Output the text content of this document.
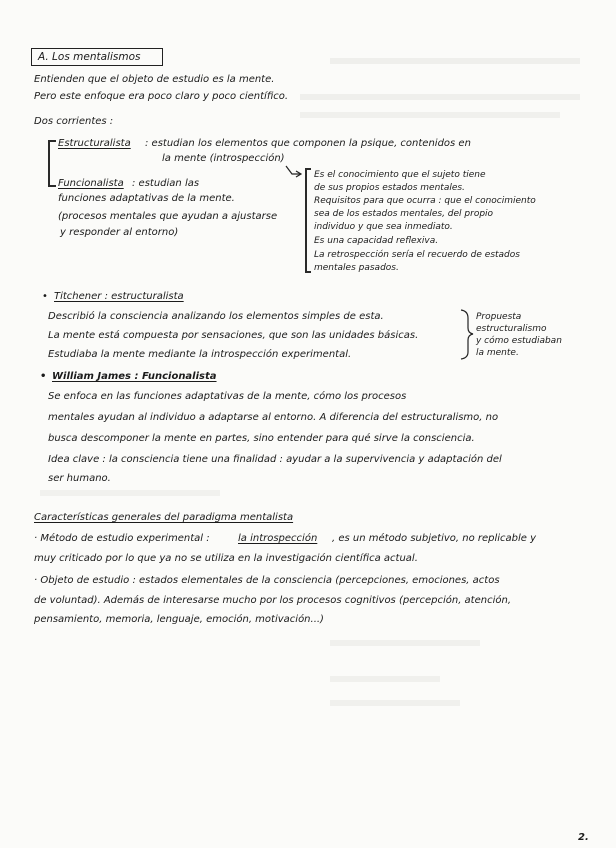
A. Los mentalismos
Entienden que el objeto de estudio es la mente.
Pero este enfoque era poco claro y poco científico.
Dos corrientes :
Estructuralista : estudian los elementos que componen la psique, contenidos en
la mente (introspección)
Funcionalista : estudian las
funciones adaptativas de la mente.
(procesos mentales que ayudan a ajustarse
y responder al entorno)
Es el conocimiento que el sujeto tiene
de sus propios estados mentales.
Requisitos para que ocurra : que el conocimiento
sea de los estados mentales, del propio
individuo y que sea inmediato.
Es una capacidad reflexiva.
La retrospección sería el recuerdo de estados
mentales pasados.
• Titchener : estructuralista
Describió la consciencia analizando los elementos simples de esta.
La mente está compuesta por sensaciones, que son las unidades básicas.
Estudiaba la mente mediante la introspección experimental.
Propuesta
estructuralismo
y cómo estudiaban
la mente.
• William James : Funcionalista
Se enfoca en las funciones adaptativas de la mente, cómo los procesos
mentales ayudan al individuo a adaptarse al entorno. A diferencia del estructuralismo, no
busca descomponer la mente en partes, sino entender para qué sirve la consciencia.
Idea clave : la consciencia tiene una finalidad : ayudar a la supervivencia y adaptación del
ser humano.
Características generales del paradigma mentalista
· Método de estudio experimental :	la introspección , es un método subjetivo, no replicable y
muy criticado por lo que ya no se utiliza en la investigación científica actual.
· Objeto de estudio : estados elementales de la consciencia (percepciones, emociones, actos
de voluntad). Además de interesarse mucho por los procesos cognitivos (percepción, atención,
pensamiento, memoria, lenguaje, emoción, motivación...)
2.
